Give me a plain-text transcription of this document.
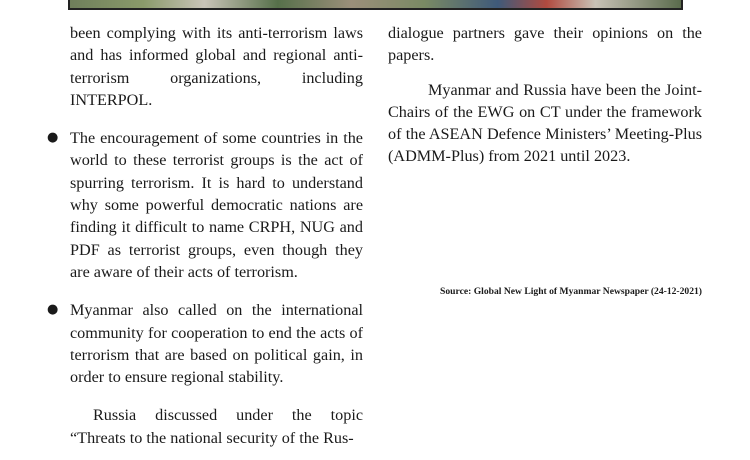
been complying with its anti-terrorism laws and has informed global and regional anti-terrorism organizations, including INTERPOL.

● The encouragement of some countries in the world to these terrorist groups is the act of spurring terrorism. It is hard to understand why some powerful democratic nations are finding it difficult to name CRPH, NUG and PDF as terrorist groups, even though they are aware of their acts of terrorism.

● Myanmar also called on the international community for cooperation to end the acts of terrorism that are based on political gain, in order to ensure regional stability.

Russia discussed under the topic “Threats to the national security of the Rus-

dialogue partners gave their opinions on the papers.

Myanmar and Russia have been the Joint-Chairs of the EWG on CT under the framework of the ASEAN Defence Ministers’ Meeting-Plus (ADMM-Plus) from 2021 until 2023.

Source: Global New Light of Myanmar Newspaper (24-12-2021)
